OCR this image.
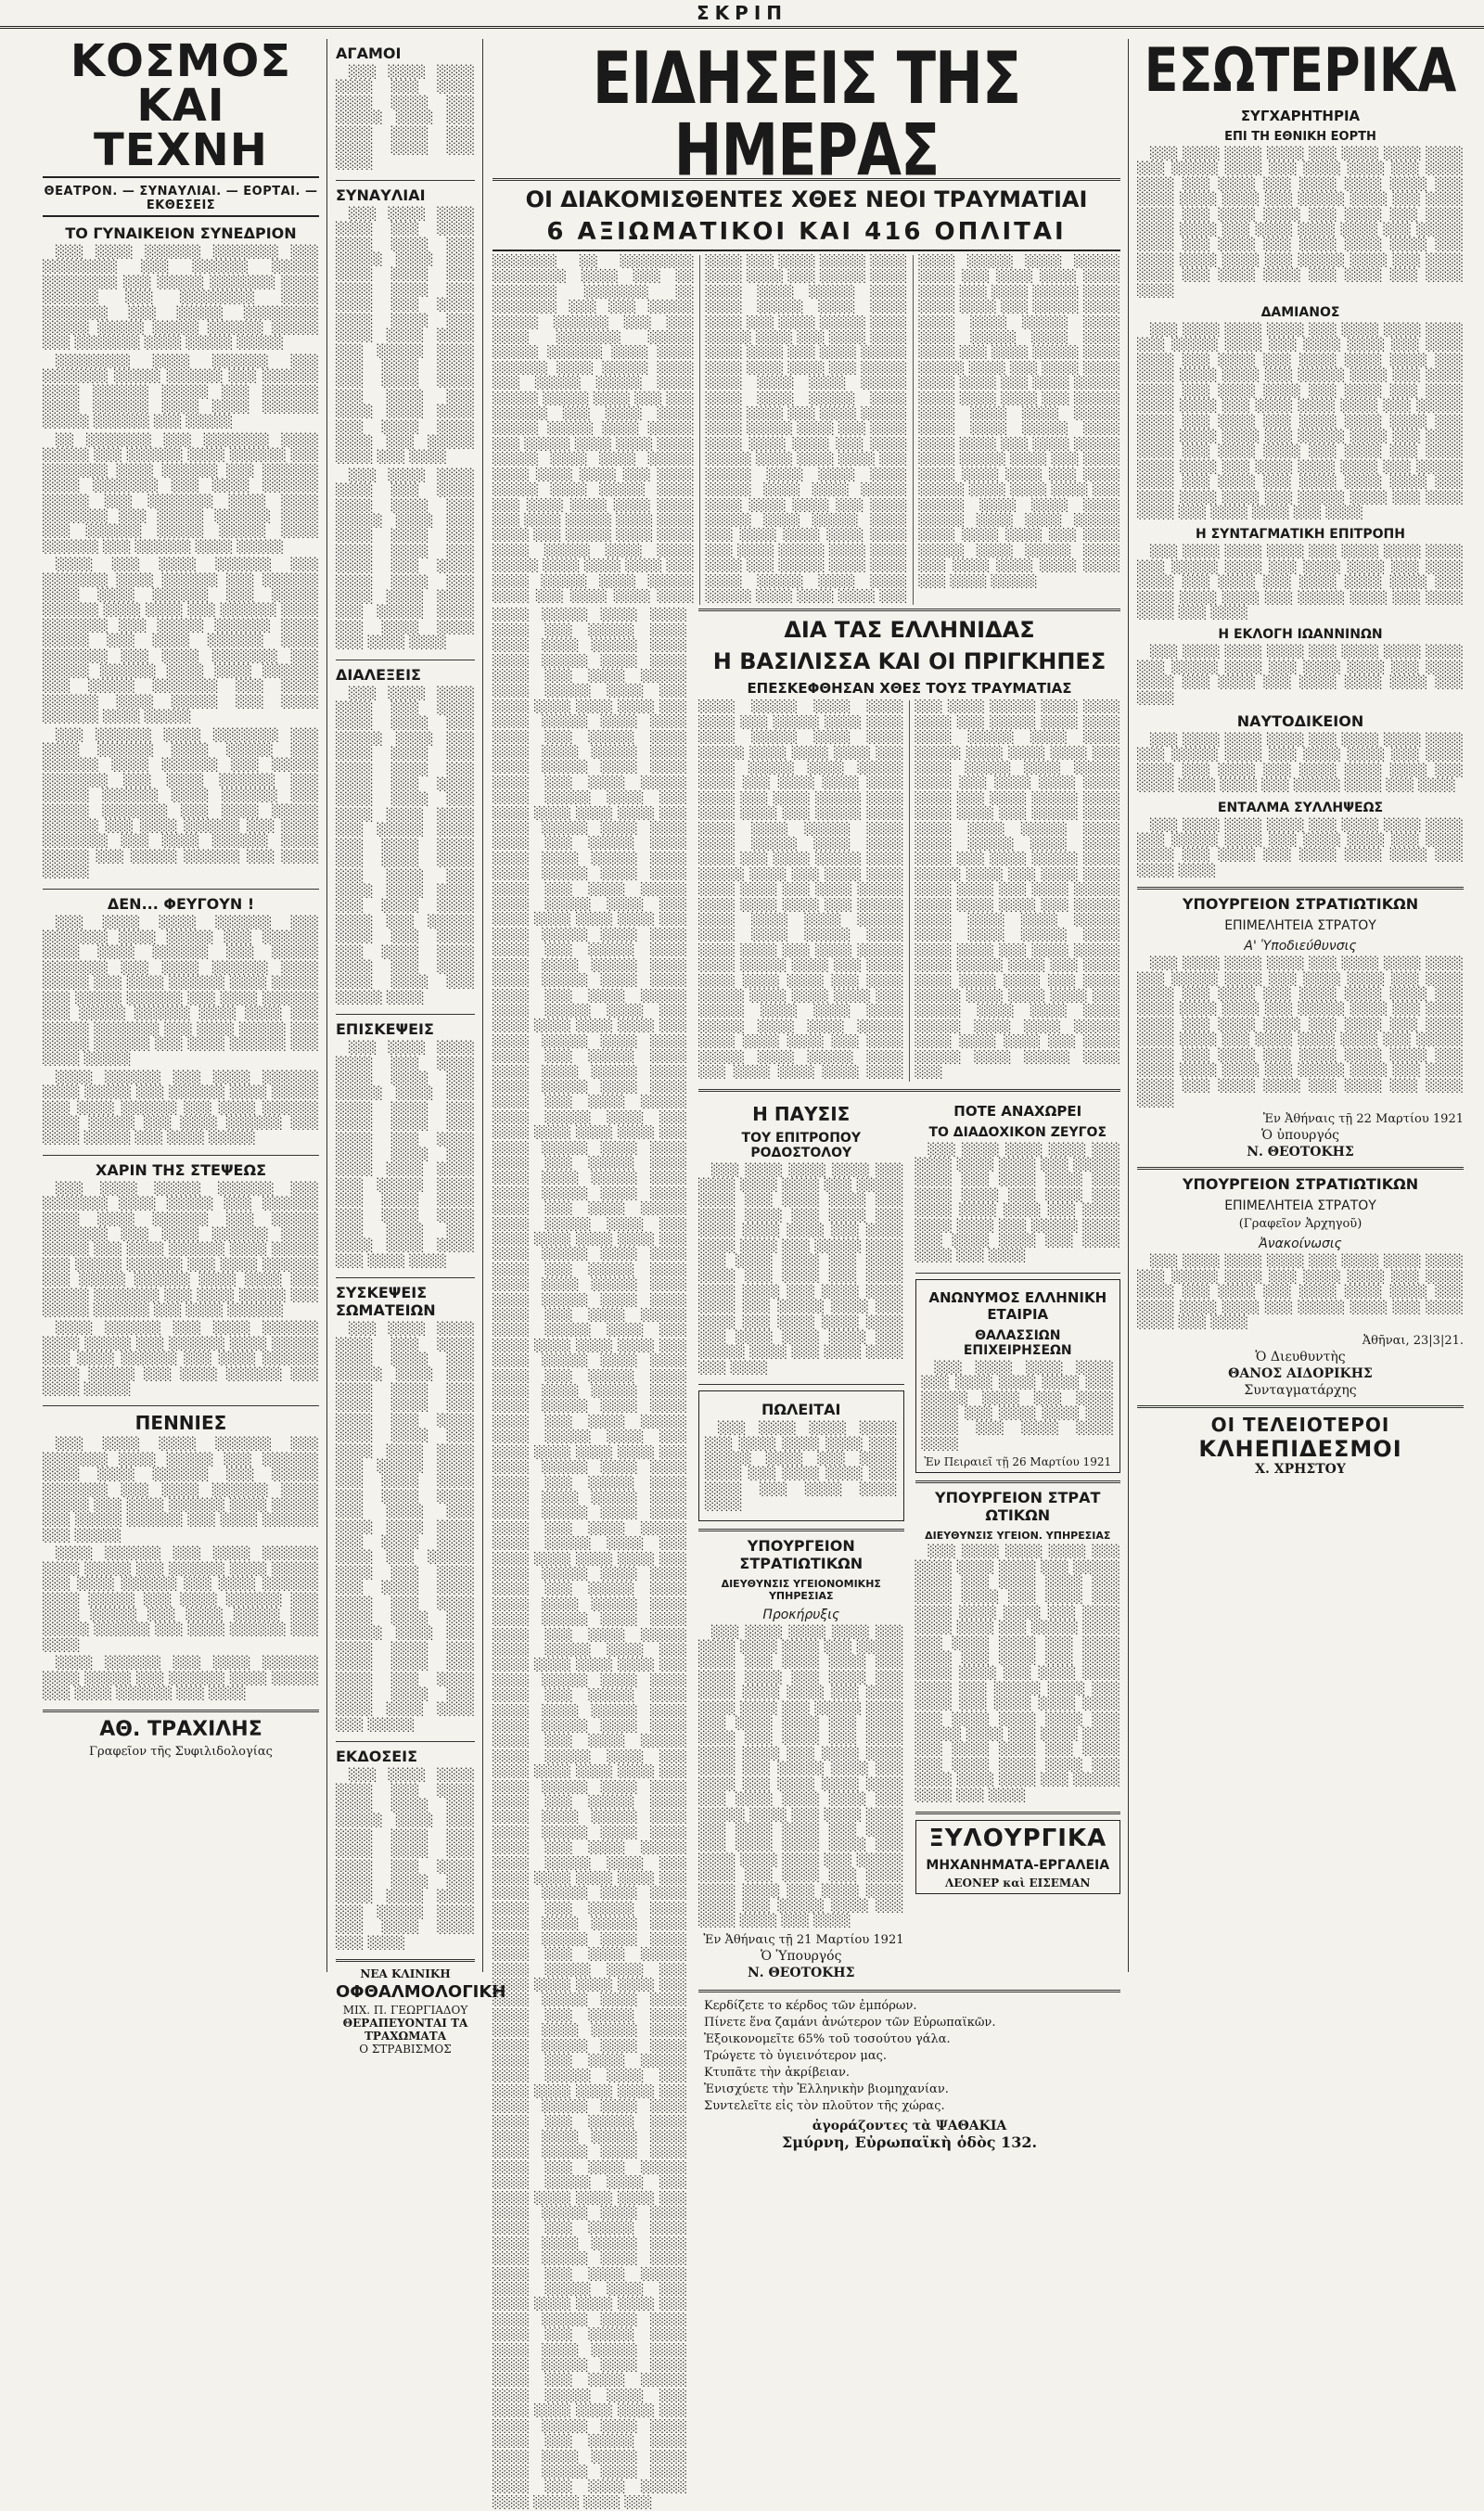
ΣΚΡΙΠ
ΚΟΣΜΟΣ ΚΑΙ ΤΕΧΝΗ
ΘΕΑΤΡΟΝ. — ΣΥΝΑΥΛΙΑΙ. — ΕΟΡΤΑΙ. — ΕΚΘΕΣΕΙΣ
ΤΟ ΓΥΝΑΙΚΕΙΟΝ ΣΥΝΕΔΡΙΟΝ

░░░ ░░░░ ░░░░░░ ░░░░░░░ ░░░ ░░░░░░░░ ░░░ ░░░░░░ ░░░░░ ░░░░░░░░ ░░░ ░░░░░ ░░░░░░░ ░░░░ ░░░░░░ ░░░ ░░░░░░░░ ░░░░ ░░░░░░░ ░░░ ░░░░░ ░░░░░░░░ ░░░░░ ░░░░░ ░░░░░ ░░░░░░ ░░░░░ ░░░ ░░░░░░░ ░░░░ ░░░░░ ░░░░░

░░░░░░░░ ░░░░ ░░░░░░ ░░░ ░░░░░░░ ░░░░░ ░░░░░░ ░░░ ░░░░░░ ░░░░ ░░░░░░ ░░░░░ ░░░ ░░░░░░ ░░░░ ░░░░░░ ░░░░ ░░░░ ░░░░░░ ░░░░░ ░░░░░░ ░░░ ░░░░░

░░ ░░░░░░░ ░░░ ░░░░░░░ ░░░░ ░░░░░ ░░░ ░░░░░░ ░░░░ ░░░░░░ ░░░ ░░░░░░░ ░░░░ ░░░░░░ ░░░ ░░░░░░ ░░░░ ░░░░░░░ ░░░ ░░░░ ░░░░░░ ░░░░░ ░░░ ░░░░░░░ ░░░░ ░░░░ ░░░░░░░ ░░░ ░░░░░ ░░░░░░ ░░░░ ░░░ ░░░░░░ ░░░░░ ░░░░░ ░░░░ ░░░░░░ ░░░ ░░░░░░ ░░░░ ░░░░░

░░░░ ░░░ ░░░░ ░░░░░░ ░░░ ░░░░░░░ ░░░░ ░░░░░░ ░░░ ░░░░░░ ░░░░ ░░░░ ░░░░░░ ░░░ ░░░░░ ░░░░░░ ░░░░ ░░░░ ░░░ ░░░░░░ ░░░░ ░░░░░░░ ░░░ ░░░░░ ░░░░░░ ░░░░ ░░░░░ ░░░ ░░░░ ░░░░░░ ░░░░ ░░░░░░░ ░░░ ░░░░ ░░░░░░░ ░░░ ░░░░░ ░░░░░░ ░░░░ ░░░░ ░░░░░░ ░░░ ░░░░░ ░░░░░░░ ░░░ ░░░░ ░░░░░░ ░░░░ ░░░░░ ░░░ ░░░░ ░░░░░░ ░░░░ ░░░░░

░░░ ░░░░░░ ░░░░ ░░░░░░░ ░░░ ░░░░ ░░░░░░ ░░░░ ░░░░░ ░░░ ░░░░░░ ░░░░ ░░░░░░ ░░░ ░░░░░ ░░░░░░░ ░░░ ░░░░ ░░░░░░ ░░░ ░░░░░ ░░░░░░ ░░░░ ░░░░░░ ░░░ ░░░░░ ░░░░░░░ ░░░ ░░░░ ░░░░░ ░░░░░░ ░░░ ░░░░ ░░░░░░ ░░░ ░░░░ ░░░░░░░ ░░░ ░░░░ ░░░░░░ ░░░░ ░░░░░ ░░░ ░░░░░ ░░░░░░ ░░░ ░░░░ ░░░░░

ΔΕΝ... ΦΕΥΓΟΥΝ !

░░░ ░░░░ ░░░░ ░░░░░░ ░░░ ░░░░░░░ ░░░░ ░░░░░ ░░░ ░░░░░░ ░░░░ ░░░░ ░░░░░░ ░░░ ░░░░░ ░░░░░░░ ░░░ ░░░░ ░░░░░░ ░░░░ ░░░░░ ░░░ ░░░░ ░░░░░░ ░░░░ ░░░░░ ░░░ ░░░░░ ░░░░░░ ░░░ ░░░░ ░░░░░░ ░░░ ░░░░░ ░░░░░░ ░░░░ ░░░░ ░░░ ░░░░░ ░░░░░░░ ░░░ ░░░░ ░░░░░ ░░░ ░░░░░ ░░░░░░ ░░░ ░░░░ ░░░░░░ ░░░ ░░░░ ░░░░░

░░░░ ░░░░░░ ░░░ ░░░░ ░░░░░░ ░░░░ ░░░░░ ░░░ ░░░░░░ ░░░░ ░░░░░ ░░░ ░░░░ ░░░░░░ ░░░ ░░░░ ░░░░░░ ░░░░ ░░░░░ ░░░ ░░░░ ░░░░░░ ░░░ ░░░░ ░░░░░ ░░░ ░░░░ ░░░░░

ΧΑΡΙΝ ΤΗΣ ΣΤΕΨΕΩΣ

░░░ ░░░░ ░░░░░ ░░░░░░ ░░░ ░░░░░░░ ░░░░ ░░░░░ ░░░ ░░░░░░ ░░░░ ░░░░ ░░░░░░ ░░░ ░░░░░ ░░░░░░░ ░░░ ░░░░ ░░░░░░ ░░░░ ░░░░░ ░░░ ░░░░ ░░░░░░ ░░░░ ░░░░░ ░░░ ░░░░░ ░░░░░░ ░░░ ░░░░ ░░░░░░ ░░░ ░░░░░ ░░░░░░ ░░░░ ░░░░ ░░░ ░░░░░ ░░░░░░░ ░░░ ░░░░ ░░░░░ ░░░ ░░░░░ ░░░░░░ ░░░ ░░░░ ░░░░░░

░░░░ ░░░░░░ ░░░ ░░░░ ░░░░░░ ░░░░ ░░░░░ ░░░ ░░░░░░ ░░░░ ░░░░░ ░░░ ░░░░ ░░░░░░ ░░░ ░░░░ ░░░░░░ ░░░░ ░░░░░ ░░░ ░░░░ ░░░░░░ ░░░ ░░░░ ░░░░░

ΠΕΝΝΙΕΣ

░░░ ░░░░ ░░░░ ░░░░░░ ░░░ ░░░░░░░ ░░░░ ░░░░░ ░░░ ░░░░░░ ░░░░ ░░░░ ░░░░░░ ░░░ ░░░░░ ░░░░░░░ ░░░ ░░░░ ░░░░░░ ░░░░ ░░░░░ ░░░ ░░░░ ░░░░░░ ░░░░ ░░░░░ ░░░ ░░░░░ ░░░░░░ ░░░ ░░░░ ░░░░░░ ░░░ ░░░░░

░░░░ ░░░░░░ ░░░ ░░░░ ░░░░░░ ░░░░ ░░░░░ ░░░ ░░░░░░ ░░░░ ░░░░░ ░░░ ░░░░ ░░░░░░ ░░░ ░░░░ ░░░░░░ ░░░░ ░░░░░ ░░░ ░░░░ ░░░░░░ ░░░ ░░░░ ░░░░░ ░░░ ░░░░ ░░░░░ ░░░ ░░░░░ ░░░░░░ ░░░ ░░░░ ░░░░░░ ░░░ ░░░░

░░░░ ░░░░░░ ░░░ ░░░░ ░░░░░░ ░░░░ ░░░░░ ░░░ ░░░░░░ ░░░░ ░░░░░ ░░░ ░░░░ ░░░░░░ ░░░ ░░░░

ΑΘ. ΤΡΑΧΙΛΗΣ
Γραφεῖον τῆς Συφιλιδολογίας
ΑΓΑΜΟΙ

░░░ ░░░░ ░░░░ ░░░░ ░░░ ░░░░ ░░░░ ░░░░ ░░░ ░░░░░ ░░░░ ░░░ ░░░░ ░░░░ ░░░ ░░░░ ░░░░ ░░░ ░░░░

ΣΥΝΑΥΛΙΑΙ

░░░ ░░░░ ░░░░ ░░░░ ░░░ ░░░░ ░░░░ ░░░░ ░░░ ░░░░░ ░░░░ ░░░ ░░░░ ░░░░ ░░░ ░░░░ ░░░░ ░░░ ░░░░ ░░░ ░░░░ ░░░░ ░░░░ ░░░ ░░░░ ░░░░ ░░░░ ░░░ ░░░░░ ░░░░ ░░░ ░░░░ ░░░░ ░░░ ░░░░ ░░░░ ░░░ ░░░░ ░░░ ░░░░ ░░░░ ░░░░ ░░░ ░░░░ ░░░░ ░░░░ ░░░ ░░░░░ ░░░░ ░░░ ░░░░

░░░ ░░░░ ░░░░ ░░░░ ░░░ ░░░░ ░░░░ ░░░░ ░░░ ░░░░░ ░░░░ ░░░ ░░░░ ░░░░ ░░░ ░░░░ ░░░░ ░░░ ░░░░ ░░░ ░░░░ ░░░░ ░░░░ ░░░ ░░░░ ░░░░ ░░░░ ░░░ ░░░░░ ░░░░ ░░░ ░░░░ ░░░░ ░░░ ░░░░ ░░░░

ΔΙΑΛΕΞΕΙΣ

░░░ ░░░░ ░░░░ ░░░░ ░░░ ░░░░ ░░░░ ░░░░ ░░░ ░░░░░ ░░░░ ░░░ ░░░░ ░░░░ ░░░ ░░░░ ░░░░ ░░░ ░░░░ ░░░ ░░░░ ░░░░ ░░░░ ░░░ ░░░░ ░░░░ ░░░░ ░░░ ░░░░░ ░░░░ ░░░ ░░░░ ░░░░ ░░░ ░░░░ ░░░░ ░░░ ░░░░ ░░░ ░░░░ ░░░░ ░░░░ ░░░ ░░░░ ░░░░ ░░░░ ░░░ ░░░░░ ░░░░ ░░░ ░░░░ ░░░ ░░░░ ░░░░ ░░░░ ░░░ ░░░░ ░░░░ ░░░░ ░░░ ░░░░░ ░░░░

ΕΠΙΣΚΕΨΕΙΣ

░░░ ░░░░ ░░░░ ░░░░ ░░░ ░░░░ ░░░░ ░░░░ ░░░ ░░░░░ ░░░░ ░░░ ░░░░ ░░░░ ░░░ ░░░░ ░░░░ ░░░ ░░░░ ░░░ ░░░░ ░░░░ ░░░░ ░░░ ░░░░ ░░░░ ░░░░ ░░░ ░░░░░ ░░░░ ░░░ ░░░░ ░░░░ ░░░ ░░░░ ░░░░ ░░░ ░░░░ ░░░ ░░░░ ░░░░ ░░░░ ░░░ ░░░░ ░░░░

ΣΥΣΚΕΨΕΙΣ ΣΩΜΑΤΕΙΩΝ

░░░ ░░░░ ░░░░ ░░░░ ░░░ ░░░░ ░░░░ ░░░░ ░░░ ░░░░░ ░░░░ ░░░ ░░░░ ░░░░ ░░░ ░░░░ ░░░░ ░░░ ░░░░ ░░░ ░░░░ ░░░░ ░░░░ ░░░ ░░░░ ░░░░ ░░░░ ░░░ ░░░░░ ░░░░ ░░░ ░░░░ ░░░░ ░░░ ░░░░ ░░░░ ░░░ ░░░░ ░░░ ░░░░ ░░░░ ░░░░ ░░░ ░░░░ ░░░░ ░░░░ ░░░ ░░░░░ ░░░░ ░░░ ░░░░ ░░░ ░░░░ ░░░░ ░░░░ ░░░ ░░░░ ░░░░ ░░░░ ░░░ ░░░░░ ░░░░ ░░░ ░░░░ ░░░░ ░░░ ░░░░ ░░░░ ░░░ ░░░░ ░░░ ░░░░ ░░░░ ░░░░ ░░░ ░░░░ ░░░░ ░░░░ ░░░ ░░░░░

ΕΚΔΟΣΕΙΣ

░░░ ░░░░ ░░░░ ░░░░ ░░░ ░░░░ ░░░░ ░░░░ ░░░ ░░░░░ ░░░░ ░░░ ░░░░ ░░░░ ░░░ ░░░░ ░░░░ ░░░ ░░░░ ░░░ ░░░░ ░░░░ ░░░░ ░░░ ░░░░ ░░░░ ░░░░ ░░░ ░░░░░ ░░░░ ░░░ ░░░░ ░░░░ ░░░ ░░░░

ΝΕΑ ΚΛΙΝΙΚΗ
ΟΦΘΑΛΜΟΛΟΓΙΚΗ
ΜΙΧ. Π. ΓΕΩΡΓΙΑΔΟΥ
ΘΕΡΑΠΕΥΟΝΤΑΙ ΤΑ ΤΡΑΧΩΜΑΤΑ
Ο ΣΤΡΑΒΙΣΜΟΣ
ΕΙΔΗΣΕΙΣ ΤΗΣ ΗΜΕΡΑΣ
ΟΙ ΔΙΑΚΟΜΙΣΘΕΝΤΕΣ ΧΘΕΣ ΝΕΟΙ ΤΡΑΥΜΑΤΙΑΙ
6 ΑΞΙΩΜΑΤΙΚΟΙ ΚΑΙ 416 ΟΠΛΙΤΑΙ
░░░░░░░ ░░ ░░░░░░░░ ░░░░░░░░ ░░░░ ░░░ ░░ ░░░░░░░ ░░░░░░░ ░░ ░░░░░░░ ░░░ ░░░ ░░░░░ ░░░░░ ░░░░░░ ░░░ ░░░ ░░░░ ░░░░░░░ ░░░░░ ░░░░░ ░░░░░░ ░░░░ ░░░░ ░░░░░░ ░░░░ ░░░░░ ░░░░ ░░░ ░░░░░ ░░░░░ ░░░░ ░░░░░ ░░░░░ ░░░░ ░░░ ░░░ ░░░░░░ ░░░ ░░░░ ░░░░ ░░░░░ ░░░░░ ░░░░ ░░░░░ ░░░ ░░░░░ ░░░░ ░░░░ ░░░░ ░░░░░ ░░░░ ░░░░ ░░░░░ ░░░░ ░░░░ ░░░░ ░░░ ░░░░ ░░░░░ ░░░░ ░░░░░ ░░░░ ░░░ ░░░░ ░░░░ ░░░░ ░░░░ ░░░ ░░░░ ░░░░░ ░░░░ ░░░░ ░░░░ ░░░ ░░░░░ ░░░░ ░░░░ ░░░░ ░░░░░ ░░░░ ░░░░ ░░░░░ ░░░░ ░░░░ ░░░░ ░░░ ░░░░ ░░░░░ ░░░░ ░░░░░ ░░░░ ░░░ ░░░░ ░░░░ ░░░░ ░░░░ ░░░ ░░░░ ░░░░░ ░░░░ ░░░░ ░░░░ ░░░ ░░░░░ ░░░░ ░░░░ ░░░░ ░░░░░ ░░░░ ░░░░ ░░░░░ ░░░░ ░░░░ ░░░░ ░░░ ░░░░ ░░░░░ ░░░░ ░░░░░ ░░░░ ░░░ ░░░░ ░░░░ ░░░░ ░░░░ ░░░ ░░░░ ░░░░░ ░░░░ ░░░░ ░░░░ ░░░ ░░░░░ ░░░░ ░░░░ ░░░░ ░░░░░ ░░░░ ░░░░ ░░░░░ ░░░░ ░░░░ ░░░░ ░░░ ░░░░ ░░░░░ ░░░░ ░░░░░ ░░░░ ░░░ ░░░░ ░░░░ ░░░░ ░░░░ ░░░ ░░░░ ░░░░░ ░░░░ ░░░░ ░░░░ ░░░ ░░░░░ ░░░░ ░░░░ ░░░░ ░░░░░ ░░░░ ░░░░ ░░░░░ ░░░░ ░░░░ ░░░░ ░░░ ░░░░ ░░░░░ ░░░░ ░░░░░ ░░░░ ░░░ ░░░░ ░░░░ ░░░░ ░░░░ ░░░ ░░░░ ░░░░░ ░░░░ ░░░░ ░░░░ ░░░ ░░░░░ ░░░░ ░░░░ ░░░░ ░░░░░ ░░░░ ░░░░ ░░░░░ ░░░░ ░░░░ ░░░░ ░░░ ░░░░ ░░░░░ ░░░░ ░░░░░ ░░░░ ░░░ ░░░░ ░░░░ ░░░░ ░░░░ ░░░ ░░░░ ░░░░░ ░░░░ ░░░░ ░░░░ ░░░ ░░░░░ ░░░░ ░░░░ ░░░░ ░░░░░ ░░░░ ░░░░ ░░░░░ ░░░░ ░░░░ ░░░░ ░░░ ░░░░ ░░░░░ ░░░░ ░░░░░ ░░░░ ░░░ ░░░░ ░░░░ ░░░░ ░░░░ ░░░ ░░░░ ░░░░░ ░░░░ ░░░░ ░░░░ ░░░ ░░░░░ ░░░░ ░░░░ ░░░░ ░░░░░ ░░░░ ░░░░ ░░░░░ ░░░░ ░░░░ ░░░░ ░░░ ░░░░ ░░░░░ ░░░░ ░░░░░ ░░░░ ░░░ ░░░░ ░░░░ ░░░░ ░░░░ ░░░ ░░░░ ░░░░░ ░░░░ ░░░░ ░░░░ ░░░ ░░░░░ ░░░░ ░░░░ ░░░░ ░░░░░ ░░░░ ░░░░ ░░░░░ ░░░░ ░░░░ ░░░░ ░░░ ░░░░ ░░░░░ ░░░░ ░░░░░ ░░░░ ░░░ ░░░░ ░░░░ ░░░░ ░░░░ ░░░ ░░░░ ░░░░░
░░░░ ░░░░░ ░░░░ ░░░░ ░░░░ ░░░ ░░░░░ ░░░░ ░░░░ ░░░░ ░░░░░ ░░░░ ░░░░ ░░░░░ ░░░░ ░░░░ ░░░░ ░░░ ░░░░ ░░░░░ ░░░░ ░░░░░ ░░░░ ░░░ ░░░░ ░░░░ ░░░░ ░░░░ ░░░ ░░░░ ░░░░░ ░░░░ ░░░░ ░░░░ ░░░ ░░░░░ ░░░░ ░░░░ ░░░░ ░░░░░ ░░░░ ░░░░ ░░░░░ ░░░░ ░░░░ ░░░░ ░░░ ░░░░ ░░░░░ ░░░░ ░░░░░ ░░░░ ░░░ ░░░░ ░░░░ ░░░░ ░░░░ ░░░ ░░░░ ░░░░░ ░░░░ ░░░░ ░░░░ ░░░ ░░░░░ ░░░░ ░░░░ ░░░░ ░░░░░ ░░░░ ░░░░ ░░░░░ ░░░░ ░░░░ ░░░░ ░░░ ░░░░ ░░░░░ ░░░░ ░░░░░ ░░░░ ░░░ ░░░░ ░░░░ ░░░░ ░░░░ ░░░ ░░░░ ░░░░░ ░░░░ ░░░░ ░░░░ ░░░ ░░░░░ ░░░░ ░░░░ ░░░░ ░░░░░ ░░░░ ░░░░ ░░░░░ ░░░░ ░░░░ ░░░░ ░░░ ░░░░ ░░░░░ ░░░░ ░░░░░ ░░░░ ░░░ ░░░░ ░░░░ ░░░░ ░░░░ ░░░ ░░░░ ░░░░░ ░░░░ ░░░░ ░░░░ ░░░ ░░░░░ ░░░░ ░░░░ ░░░░ ░░░░░ ░░░░ ░░░░ ░░░░░ ░░░░ ░░░░ ░░░░ ░░░ ░░░░ ░░░░░ ░░░░ ░░░░░ ░░░░ ░░░ ░░░░ ░░░░ ░░░░ ░░░░ ░░░ ░░░░ ░░░░░ ░░░░ ░░░░ ░░░░ ░░░ ░░░░░ ░░░░ ░░░░ ░░░░ ░░░░░ ░░░░ ░░░░ ░░░░░ ░░░░ ░░░░ ░░░░ ░░░ ░░░░ ░░░░░ ░░░░ ░░░░░ ░░░░ ░░░ ░░░░ ░░░░ ░░░░ ░░░░ ░░░ ░░░░ ░░░░░ ░░░░ ░░░░ ░░░░ ░░░ ░░░░░ ░░░░ ░░░░ ░░░░ ░░░░░ ░░░░ ░░░░ ░░░░░ ░░░░ ░░░░ ░░░░ ░░░ ░░░░ ░░░░░ ░░░░ ░░░░░ ░░░░ ░░░ ░░░░ ░░░░ ░░░░ ░░░░ ░░░ ░░░░ ░░░░░ ░░░░ ░░░░ ░░░░ ░░░ ░░░░░ ░░░░ ░░░░ ░░░░ ░░░░░ ░░░░ ░░░░ ░░░░░ ░░░░ ░░░░ ░░░░ ░░░ ░░░░ ░░░░░ ░░░░ ░░░░░ ░░░░ ░░░ ░░░░ ░░░░ ░░░░ ░░░░ ░░░ ░░░░ ░░░░░ ░░░░ ░░░░ ░░░░ ░░░ ░░░░░ ░░░░ ░░░░ ░░░░ ░░░░░ ░░░░ ░░░░ ░░░░░ ░░░░ ░░░░ ░░░░ ░░░ ░░░░ ░░░░░ ░░░░ ░░░░░ ░░░░ ░░░ ░░░░ ░░░░ ░░░░ ░░░░ ░░░ ░░░░ ░░░░░ ░░░░ ░░░░ ░░░░ ░░░ ░░░░░ ░░░░ ░░░░ ░░░░ ░░░░░ ░░░░ ░░░░ ░░░░░ ░░░░ ░░░░ ░░░░ ░░░ ░░░░ ░░░░░ ░░░░ ░░░░░ ░░░░ ░░░ ░░░░ ░░░░ ░░░░ ░░░░ ░░░ ░░░░ ░░░░░ ░░░░ ░░░░ ░░░░ ░░░ ░░░░░ ░░░░ ░░░░ ░░░░ ░░░░░ ░░░░ ░░░░ ░░░░░ ░░░░ ░░░░ ░░░░ ░░░ ░░░░ ░░░░░ ░░░░ ░░░░░ ░░░░ ░░░ ░░░░ ░░░░ ░░░░ ░░░░ ░░░ ░░░░ ░░░░░ ░░░░ ░░░░ ░░░░ ░░░ ░░░░░ ░░░░ ░░░░ ░░░░ ░░░░░ ░░░░ ░░░░ ░░░░░ ░░░░ ░░░░ ░░░░ ░░░ ░░░░ ░░░░░ ░░░░ ░░░░░ ░░░░ ░░░ ░░░░ ░░░░ ░░░░ ░░░░ ░░░ ░░░░ ░░░░░ ░░░░ ░░░░ ░░░░ ░░░ ░░░░░ ░░░░ ░░░░ ░░░░ ░░░░░ ░░░░ ░░░░ ░░░░░ ░░░░ ░░░░ ░░░░ ░░░ ░░░░ ░░░░░ ░░░░ ░░░░░ ░░░░ ░░░ ░░░░ ░░░░ ░░░░ ░░░░ ░░░ ░░░░ ░░░░░ ░░░░ ░░░░ ░░░░ ░░░ ░░░░░ ░░░░ ░░░░ ░░░░ ░░░░░ ░░░░ ░░░░ ░░░░░ ░░░░ ░░░░ ░░░░ ░░░ ░░░░ ░░░░░ ░░░░ ░░░░░ ░░░░ ░░░ ░░░░ ░░░░ ░░░░ ░░░░ ░░░ ░░░░ ░░░░░ ░░░░ ░░░░ ░░░░ ░░░ ░░░░░ ░░░░ ░░░░ ░░░░ ░░░░░ ░░░░ ░░░░ ░░░░░ ░░░░ ░░░░ ░░░░ ░░░ ░░░░ ░░░░░ ░░░░ ░░░░░ ░░░░ ░░░ ░░░░ ░░░░ ░░░░ ░░░░ ░░░ ░░░░ ░░░░░ ░░░░ ░░░░ ░░░░ ░░░ ░░░░░ ░░░░ ░░░░ ░░░░ ░░░░░ ░░░░ ░░░░ ░░░░░ ░░░░ ░░░░ ░░░░ ░░░ ░░░░ ░░░░░ ░░░░ ░░░░░ ░░░░ ░░░ ░░░░ ░░░░ ░░░░ ░░░░ ░░░ ░░░░ ░░░░░ ░░░░ ░░░░ ░░░░ ░░░ ░░░░░ ░░░░ ░░░░ ░░░░ ░░░░░ ░░░░ ░░░░ ░░░░░ ░░░░ ░░░░ ░░░░ ░░░ ░░░░ ░░░░░ ░░░░ ░░░░░ ░░░░ ░░░ ░░░░ ░░░░ ░░░░ ░░░░ ░░░ ░░░░ ░░░░░ ░░░░ ░░░░ ░░░░ ░░░ ░░░░░ ░░░░ ░░░░ ░░░░ ░░░░░ ░░░░ ░░░░ ░░░░░ ░░░░ ░░░░ ░░░░ ░░░ ░░░░ ░░░░░ ░░░░ ░░░░░ ░░░░ ░░░
ΔΙΑ ΤΑΣ ΕΛΛΗΝΙΔΑΣ
Η ΒΑΣΙΛΙΣΣΑ ΚΑΙ ΟΙ ΠΡΙΓΚΗΠΕΣ
ΕΠΕΣΚΕΦΘΗΣΑΝ ΧΘΕΣ ΤΟΥΣ ΤΡΑΥΜΑΤΙΑΣ
░░░░ ░░░░░ ░░░░ ░░░░ ░░░░ ░░░ ░░░░░ ░░░░ ░░░░ ░░░░ ░░░░░ ░░░░ ░░░░ ░░░░░ ░░░░ ░░░░ ░░░░ ░░░ ░░░░ ░░░░░ ░░░░ ░░░░░ ░░░░ ░░░ ░░░░ ░░░░ ░░░░ ░░░░ ░░░ ░░░░ ░░░░░ ░░░░ ░░░░ ░░░░ ░░░ ░░░░░ ░░░░ ░░░░ ░░░░ ░░░░░ ░░░░ ░░░░ ░░░░░ ░░░░ ░░░░ ░░░░ ░░░ ░░░░ ░░░░░ ░░░░ ░░░░░ ░░░░ ░░░ ░░░░ ░░░░ ░░░░ ░░░░ ░░░ ░░░░ ░░░░░ ░░░░ ░░░░ ░░░░ ░░░ ░░░░░ ░░░░ ░░░░ ░░░░ ░░░░░ ░░░░ ░░░░ ░░░░░ ░░░░ ░░░░ ░░░░ ░░░ ░░░░ ░░░░░ ░░░░ ░░░░░ ░░░░ ░░░ ░░░░ ░░░░ ░░░░ ░░░░ ░░░ ░░░░ ░░░░░ ░░░░ ░░░░ ░░░░ ░░░ ░░░░░ ░░░░ ░░░░ ░░░░ ░░░░░ ░░░░ ░░░░ ░░░░░ ░░░░ ░░░░ ░░░░ ░░░ ░░░░ ░░░░░ ░░░░ ░░░░░ ░░░░ ░░░ ░░░░ ░░░░ ░░░░ ░░░░ ░░░ ░░░░ ░░░░░ ░░░░ ░░░░ ░░░░ ░░░ ░░░░░ ░░░░ ░░░░ ░░░░ ░░░░░ ░░░░ ░░░░ ░░░░░ ░░░░ ░░░░ ░░░░ ░░░ ░░░░ ░░░░░ ░░░░ ░░░░░ ░░░░ ░░░ ░░░░ ░░░░ ░░░░ ░░░░ ░░░ ░░░░ ░░░░░ ░░░░ ░░░░ ░░░░ ░░░ ░░░░░ ░░░░ ░░░░ ░░░░ ░░░░░ ░░░░ ░░░░ ░░░░░ ░░░░ ░░░░ ░░░░ ░░░ ░░░░ ░░░░░ ░░░░ ░░░░░ ░░░░ ░░░ ░░░░ ░░░░ ░░░░ ░░░░ ░░░ ░░░░ ░░░░░ ░░░░ ░░░░ ░░░░ ░░░ ░░░░░ ░░░░ ░░░░ ░░░░ ░░░░░ ░░░░ ░░░░ ░░░░░ ░░░░ ░░░░ ░░░░ ░░░ ░░░░ ░░░░░ ░░░░ ░░░░░ ░░░░ ░░░ ░░░░ ░░░░ ░░░░ ░░░░ ░░░ ░░░░ ░░░░░ ░░░░ ░░░░ ░░░░ ░░░ ░░░░░ ░░░░ ░░░░ ░░░░ ░░░░░ ░░░░ ░░░░ ░░░░░ ░░░░ ░░░░ ░░░░ ░░░ ░░░░ ░░░░░ ░░░░ ░░░░░ ░░░░ ░░░
Η ΠΑΥΣΙΣ
ΤΟΥ ΕΠΙΤΡΟΠΟΥ ΡΟΔΟΣΤΟΛΟΥ

░░░ ░░░░ ░░░░ ░░░░ ░░░ ░░░░ ░░░░ ░░░░ ░░░ ░░░░░ ░░░░ ░░░ ░░░░ ░░░░ ░░░ ░░░░ ░░░░ ░░░ ░░░░ ░░░ ░░░░ ░░░░ ░░░░ ░░░ ░░░░ ░░░░ ░░░░ ░░░ ░░░░░ ░░░░ ░░░ ░░░░ ░░░░ ░░░ ░░░░ ░░░░ ░░░ ░░░░ ░░░ ░░░░ ░░░░ ░░░░ ░░░ ░░░░ ░░░░ ░░░░ ░░░ ░░░░░ ░░░░ ░░░ ░░░░ ░░░ ░░░░ ░░░░ ░░░░ ░░░ ░░░░ ░░░░ ░░░░ ░░░ ░░░░░ ░░░░ ░░░ ░░░░ ░░░░ ░░░ ░░░░

ΠΩΛΕΙΤΑΙ

░░░ ░░░░ ░░░░ ░░░░ ░░░ ░░░░ ░░░░ ░░░░ ░░░ ░░░░░ ░░░░ ░░░ ░░░░ ░░░░ ░░░ ░░░░ ░░░░ ░░░ ░░░░ ░░░ ░░░░ ░░░░ ░░░░

ΥΠΟΥΡΓΕΙΟΝ ΣΤΡΑΤΙΩΤΙΚΩΝ
ΔΙΕΥΘΥΝΣΙΣ ΥΓΕΙΟΝΟΜΙΚΗΣ ΥΠΗΡΕΣΙΑΣ
Προκήρυξις

░░░ ░░░░ ░░░░ ░░░░ ░░░ ░░░░ ░░░░ ░░░░ ░░░ ░░░░░ ░░░░ ░░░ ░░░░ ░░░░ ░░░ ░░░░ ░░░░ ░░░ ░░░░ ░░░ ░░░░ ░░░░ ░░░░ ░░░ ░░░░ ░░░░ ░░░░ ░░░ ░░░░░ ░░░░ ░░░ ░░░░ ░░░░ ░░░ ░░░░ ░░░░ ░░░ ░░░░ ░░░ ░░░░ ░░░░ ░░░░ ░░░ ░░░░ ░░░░ ░░░░ ░░░ ░░░░░ ░░░░ ░░░ ░░░░ ░░░ ░░░░ ░░░░ ░░░░ ░░░ ░░░░ ░░░░ ░░░░ ░░░ ░░░░░ ░░░░ ░░░ ░░░░ ░░░░ ░░░ ░░░░ ░░░░ ░░░ ░░░░ ░░░ ░░░░ ░░░░ ░░░░ ░░░ ░░░░ ░░░░ ░░░░ ░░░ ░░░░░ ░░░░ ░░░ ░░░░ ░░░ ░░░░ ░░░░ ░░░░ ░░░ ░░░░ ░░░░ ░░░░ ░░░ ░░░░░ ░░░░ ░░░ ░░░░ ░░░░ ░░░ ░░░░

Ἐν Ἀθήναις τῇ 21 Μαρτίου 1921
Ὁ Ὑπουργός
Ν. ΘΕΟΤΟΚΗΣ
ΠΟΤΕ ΑΝΑΧΩΡΕΙ
ΤΟ ΔΙΑΔΟΧΙΚΟΝ ΖΕΥΓΟΣ

░░░ ░░░░ ░░░░ ░░░░ ░░░ ░░░░ ░░░░ ░░░░ ░░░ ░░░░░ ░░░░ ░░░ ░░░░ ░░░░ ░░░ ░░░░ ░░░░ ░░░ ░░░░ ░░░ ░░░░ ░░░░ ░░░░ ░░░ ░░░░ ░░░░ ░░░░ ░░░ ░░░░░ ░░░░ ░░░ ░░░░ ░░░░ ░░░ ░░░░ ░░░░ ░░░ ░░░░

ΑΝΩΝΥΜΟΣ ΕΛΛΗΝΙΚΗ ΕΤΑΙΡΙΑ
ΘΑΛΑΣΣΙΩΝ ΕΠΙΧΕΙΡΗΣΕΩΝ

░░░ ░░░░ ░░░░ ░░░░ ░░░ ░░░░ ░░░░ ░░░░ ░░░ ░░░░░ ░░░░ ░░░ ░░░░ ░░░░ ░░░ ░░░░ ░░░░ ░░░ ░░░░ ░░░ ░░░░ ░░░░ ░░░░

Ἐν Πειραιεῖ τῇ 26 Μαρτίου 1921
ΥΠΟΥΡΓΕΙΟΝ ΣΤΡΑΤ ΩΤΙΚΩΝ
ΔΙΕΥΘΥΝΣΙΣ ΥΓΕΙΟΝ. ΥΠΗΡΕΣΙΑΣ

░░░ ░░░░ ░░░░ ░░░░ ░░░ ░░░░ ░░░░ ░░░░ ░░░ ░░░░░ ░░░░ ░░░ ░░░░ ░░░░ ░░░ ░░░░ ░░░░ ░░░ ░░░░ ░░░ ░░░░ ░░░░ ░░░░ ░░░ ░░░░ ░░░░ ░░░░ ░░░ ░░░░░ ░░░░ ░░░ ░░░░ ░░░░ ░░░ ░░░░ ░░░░ ░░░ ░░░░ ░░░ ░░░░ ░░░░ ░░░░ ░░░ ░░░░ ░░░░ ░░░░ ░░░ ░░░░░ ░░░░ ░░░ ░░░░ ░░░ ░░░░ ░░░░ ░░░░ ░░░ ░░░░ ░░░░ ░░░░ ░░░ ░░░░░ ░░░░ ░░░ ░░░░ ░░░░ ░░░ ░░░░ ░░░░ ░░░ ░░░░ ░░░ ░░░░ ░░░░ ░░░░ ░░░ ░░░░ ░░░░ ░░░░ ░░░ ░░░░░ ░░░░ ░░░ ░░░░

ΞΥΛΟΥΡΓΙΚΑ
ΜΗΧΑΝΗΜΑΤΑ-ΕΡΓΑΛΕΙΑ
ΛΕΟΝΕΡ καὶ ΕΙΣΕΜΑΝ
Κερδίζετε το κέρδος τῶν ἐμπόρων.
Πίνετε ἕνα ζαμάνι ἀνώτερον τῶν Εὐρωπαϊκῶν.
Ἐξοικονομεῖτε 65% τοῦ τοσούτου γάλα.
Τρώγετε τὸ ὑγιεινότερον μας.
Κτυπᾶτε τὴν ἀκρίβειαν.
Ἐνισχύετε τὴν Ἑλληνικὴν βιομηχανίαν.
Συντελεῖτε εἰς τὸν πλοῦτον τῆς χώρας.
ἀγοράζοντες τὰ ΨΑΘΑΚΙΑ
Σμύρνη, Εὐρωπαϊκὴ ὁδὸς 132.
ΕΣΩΤΕΡΙΚΑ
ΣΥΓΧΑΡΗΤΗΡΙΑ
ΕΠΙ ΤΗ ΕΘΝΙΚΗ ΕΟΡΤΗ

░░░ ░░░░ ░░░░ ░░░░ ░░░ ░░░░ ░░░░ ░░░░ ░░░ ░░░░░ ░░░░ ░░░ ░░░░ ░░░░ ░░░ ░░░░ ░░░░ ░░░ ░░░░ ░░░ ░░░░ ░░░░ ░░░░ ░░░ ░░░░ ░░░░ ░░░░ ░░░ ░░░░░ ░░░░ ░░░ ░░░░ ░░░░ ░░░ ░░░░ ░░░░ ░░░ ░░░░ ░░░ ░░░░ ░░░░ ░░░░ ░░░ ░░░░ ░░░░ ░░░░ ░░░ ░░░░░ ░░░░ ░░░ ░░░░ ░░░ ░░░░ ░░░░ ░░░░ ░░░ ░░░░ ░░░░ ░░░░ ░░░ ░░░░░ ░░░░ ░░░ ░░░░ ░░░░ ░░░ ░░░░ ░░░░ ░░░ ░░░░ ░░░ ░░░░ ░░░░

ΔΑΜΙΑΝΟΣ

░░░ ░░░░ ░░░░ ░░░░ ░░░ ░░░░ ░░░░ ░░░░ ░░░ ░░░░░ ░░░░ ░░░ ░░░░ ░░░░ ░░░ ░░░░ ░░░░ ░░░ ░░░░ ░░░ ░░░░ ░░░░ ░░░░ ░░░ ░░░░ ░░░░ ░░░░ ░░░ ░░░░░ ░░░░ ░░░ ░░░░ ░░░░ ░░░ ░░░░ ░░░░ ░░░ ░░░░ ░░░ ░░░░ ░░░░ ░░░░ ░░░ ░░░░ ░░░░ ░░░░ ░░░ ░░░░░ ░░░░ ░░░ ░░░░ ░░░ ░░░░ ░░░░ ░░░░ ░░░ ░░░░ ░░░░ ░░░░ ░░░ ░░░░░ ░░░░ ░░░ ░░░░ ░░░░ ░░░ ░░░░ ░░░░ ░░░ ░░░░ ░░░ ░░░░ ░░░░ ░░░░ ░░░ ░░░░ ░░░░ ░░░░ ░░░ ░░░░░ ░░░░ ░░░ ░░░░ ░░░ ░░░░ ░░░░ ░░░░ ░░░ ░░░░ ░░░░ ░░░░ ░░░ ░░░░░ ░░░░ ░░░ ░░░░ ░░░░ ░░░ ░░░░ ░░░░ ░░░ ░░░░

Η ΣΥΝΤΑΓΜΑΤΙΚΗ ΕΠΙΤΡΟΠΗ

░░░ ░░░░ ░░░░ ░░░░ ░░░ ░░░░ ░░░░ ░░░░ ░░░ ░░░░░ ░░░░ ░░░ ░░░░ ░░░░ ░░░ ░░░░ ░░░░ ░░░ ░░░░ ░░░ ░░░░ ░░░░ ░░░░ ░░░ ░░░░ ░░░░ ░░░░ ░░░ ░░░░░ ░░░░ ░░░ ░░░░ ░░░░ ░░░ ░░░░

Η ΕΚΛΟΓΗ ΙΩΑΝΝΙΝΩΝ

░░░ ░░░░ ░░░░ ░░░░ ░░░ ░░░░ ░░░░ ░░░░ ░░░ ░░░░░ ░░░░ ░░░ ░░░░ ░░░░ ░░░ ░░░░ ░░░░ ░░░ ░░░░ ░░░ ░░░░ ░░░░ ░░░░ ░░░ ░░░░

ΝΑΥΤΟΔΙΚΕΙΟΝ

░░░ ░░░░ ░░░░ ░░░░ ░░░ ░░░░ ░░░░ ░░░░ ░░░ ░░░░░ ░░░░ ░░░ ░░░░ ░░░░ ░░░ ░░░░ ░░░░ ░░░ ░░░░ ░░░ ░░░░ ░░░░ ░░░░ ░░░ ░░░░ ░░░░ ░░░░ ░░░ ░░░░░ ░░░░ ░░░ ░░░░

ΕΝΤΑΛΜΑ ΣΥΛΛΗΨΕΩΣ

░░░ ░░░░ ░░░░ ░░░░ ░░░ ░░░░ ░░░░ ░░░░ ░░░ ░░░░░ ░░░░ ░░░ ░░░░ ░░░░ ░░░ ░░░░ ░░░░ ░░░ ░░░░ ░░░ ░░░░ ░░░░ ░░░░ ░░░ ░░░░ ░░░░

ΥΠΟΥΡΓΕΙΟΝ ΣΤΡΑΤΙΩΤΙΚΩΝ
ΕΠΙΜΕΛΗΤΕΙΑ ΣΤΡΑΤΟΥ
Α' Ὑποδιεύθυνσις

░░░ ░░░░ ░░░░ ░░░░ ░░░ ░░░░ ░░░░ ░░░░ ░░░ ░░░░░ ░░░░ ░░░ ░░░░ ░░░░ ░░░ ░░░░ ░░░░ ░░░ ░░░░ ░░░ ░░░░ ░░░░ ░░░░ ░░░ ░░░░ ░░░░ ░░░░ ░░░ ░░░░░ ░░░░ ░░░ ░░░░ ░░░░ ░░░ ░░░░ ░░░░ ░░░ ░░░░ ░░░ ░░░░ ░░░░ ░░░░ ░░░ ░░░░ ░░░░ ░░░░ ░░░ ░░░░░ ░░░░ ░░░ ░░░░ ░░░ ░░░░ ░░░░ ░░░░ ░░░ ░░░░ ░░░░ ░░░░ ░░░ ░░░░░ ░░░░ ░░░ ░░░░ ░░░░ ░░░ ░░░░ ░░░░ ░░░ ░░░░ ░░░ ░░░░ ░░░░

Ἐν Ἀθήναις τῇ 22 Μαρτίου 1921
Ὁ ὑπουργός
Ν. ΘΕΟΤΟΚΗΣ
ΥΠΟΥΡΓΕΙΟΝ ΣΤΡΑΤΙΩΤΙΚΩΝ
ΕΠΙΜΕΛΗΤΕΙΑ ΣΤΡΑΤΟΥ
(Γραφεῖον Ἀρχηγοῦ)
Ἀνακοίνωσις

░░░ ░░░░ ░░░░ ░░░░ ░░░ ░░░░ ░░░░ ░░░░ ░░░ ░░░░░ ░░░░ ░░░ ░░░░ ░░░░ ░░░ ░░░░ ░░░░ ░░░ ░░░░ ░░░ ░░░░ ░░░░ ░░░░ ░░░ ░░░░ ░░░░ ░░░░ ░░░ ░░░░░ ░░░░ ░░░ ░░░░ ░░░░ ░░░ ░░░░

Ἀθῆναι, 23|3|21.
Ὁ Διευθυντὴς
ΘΑΝΟΣ ΑΙΔΟΡΙΚΗΣ
Συνταγματάρχης
ΟΙ ΤΕΛΕΙΟΤΕΡΟΙ
ΚΛΗΕΠΙΔΕΣΜΟΙ
Χ. ΧΡΗΣΤΟΥ
